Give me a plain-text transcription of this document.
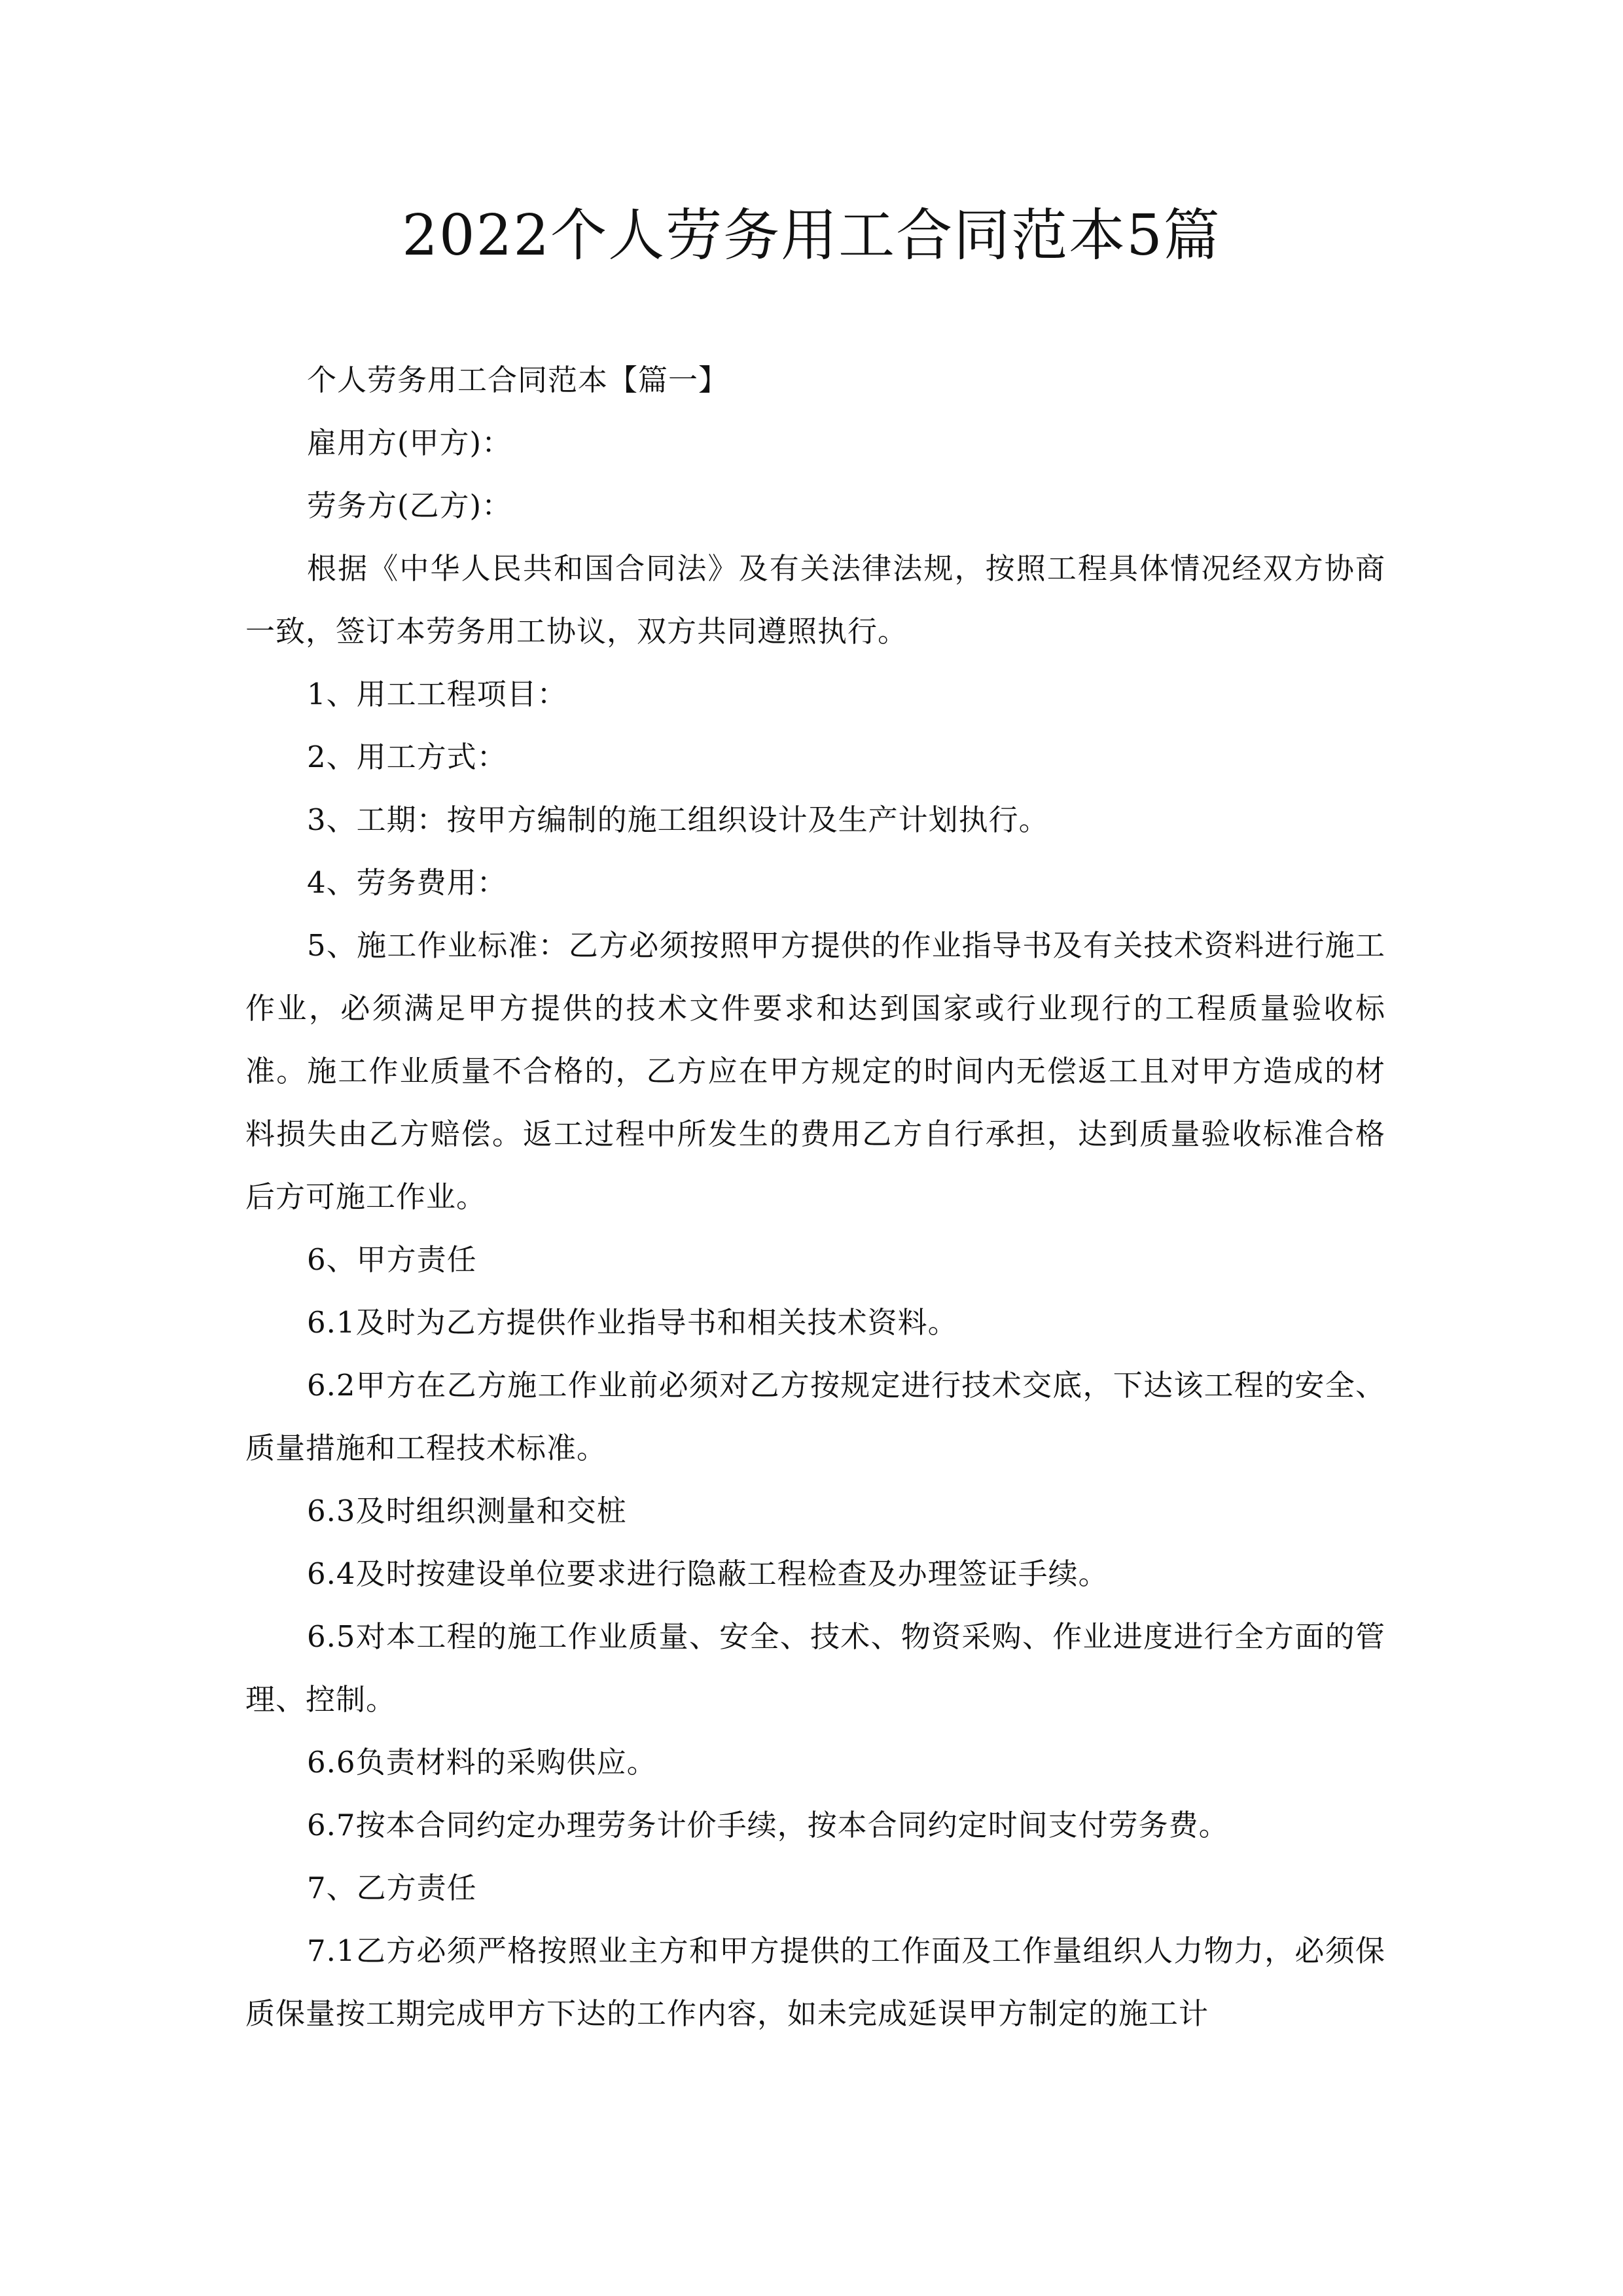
2022个人劳务用工合同范本5篇

个人劳务用工合同范本【篇一】

雇用方(甲方)：

劳务方(乙方)：

根据《中华人民共和国合同法》及有关法律法规，按照工程具体情况经双方协商一致，签订本劳务用工协议，双方共同遵照执行。

1、用工工程项目：

2、用工方式：

3、工期：按甲方编制的施工组织设计及生产计划执行。

4、劳务费用：

5、施工作业标准：乙方必须按照甲方提供的作业指导书及有关技术资料进行施工作业，必须满足甲方提供的技术文件要求和达到国家或行业现行的工程质量验收标准。施工作业质量不合格的，乙方应在甲方规定的时间内无偿返工且对甲方造成的材料损失由乙方赔偿。返工过程中所发生的费用乙方自行承担，达到质量验收标准合格后方可施工作业。

6、甲方责任

6.1及时为乙方提供作业指导书和相关技术资料。

6.2甲方在乙方施工作业前必须对乙方按规定进行技术交底，下达该工程的安全、质量措施和工程技术标准。

6.3及时组织测量和交桩

6.4及时按建设单位要求进行隐蔽工程检查及办理签证手续。

6.5对本工程的施工作业质量、安全、技术、物资采购、作业进度进行全方面的管理、控制。

6.6负责材料的采购供应。

6.7按本合同约定办理劳务计价手续，按本合同约定时间支付劳务费。

7、乙方责任

7.1乙方必须严格按照业主方和甲方提供的工作面及工作量组织人力物力，必须保质保量按工期完成甲方下达的工作内容，如未完成延误甲方制定的施工计
